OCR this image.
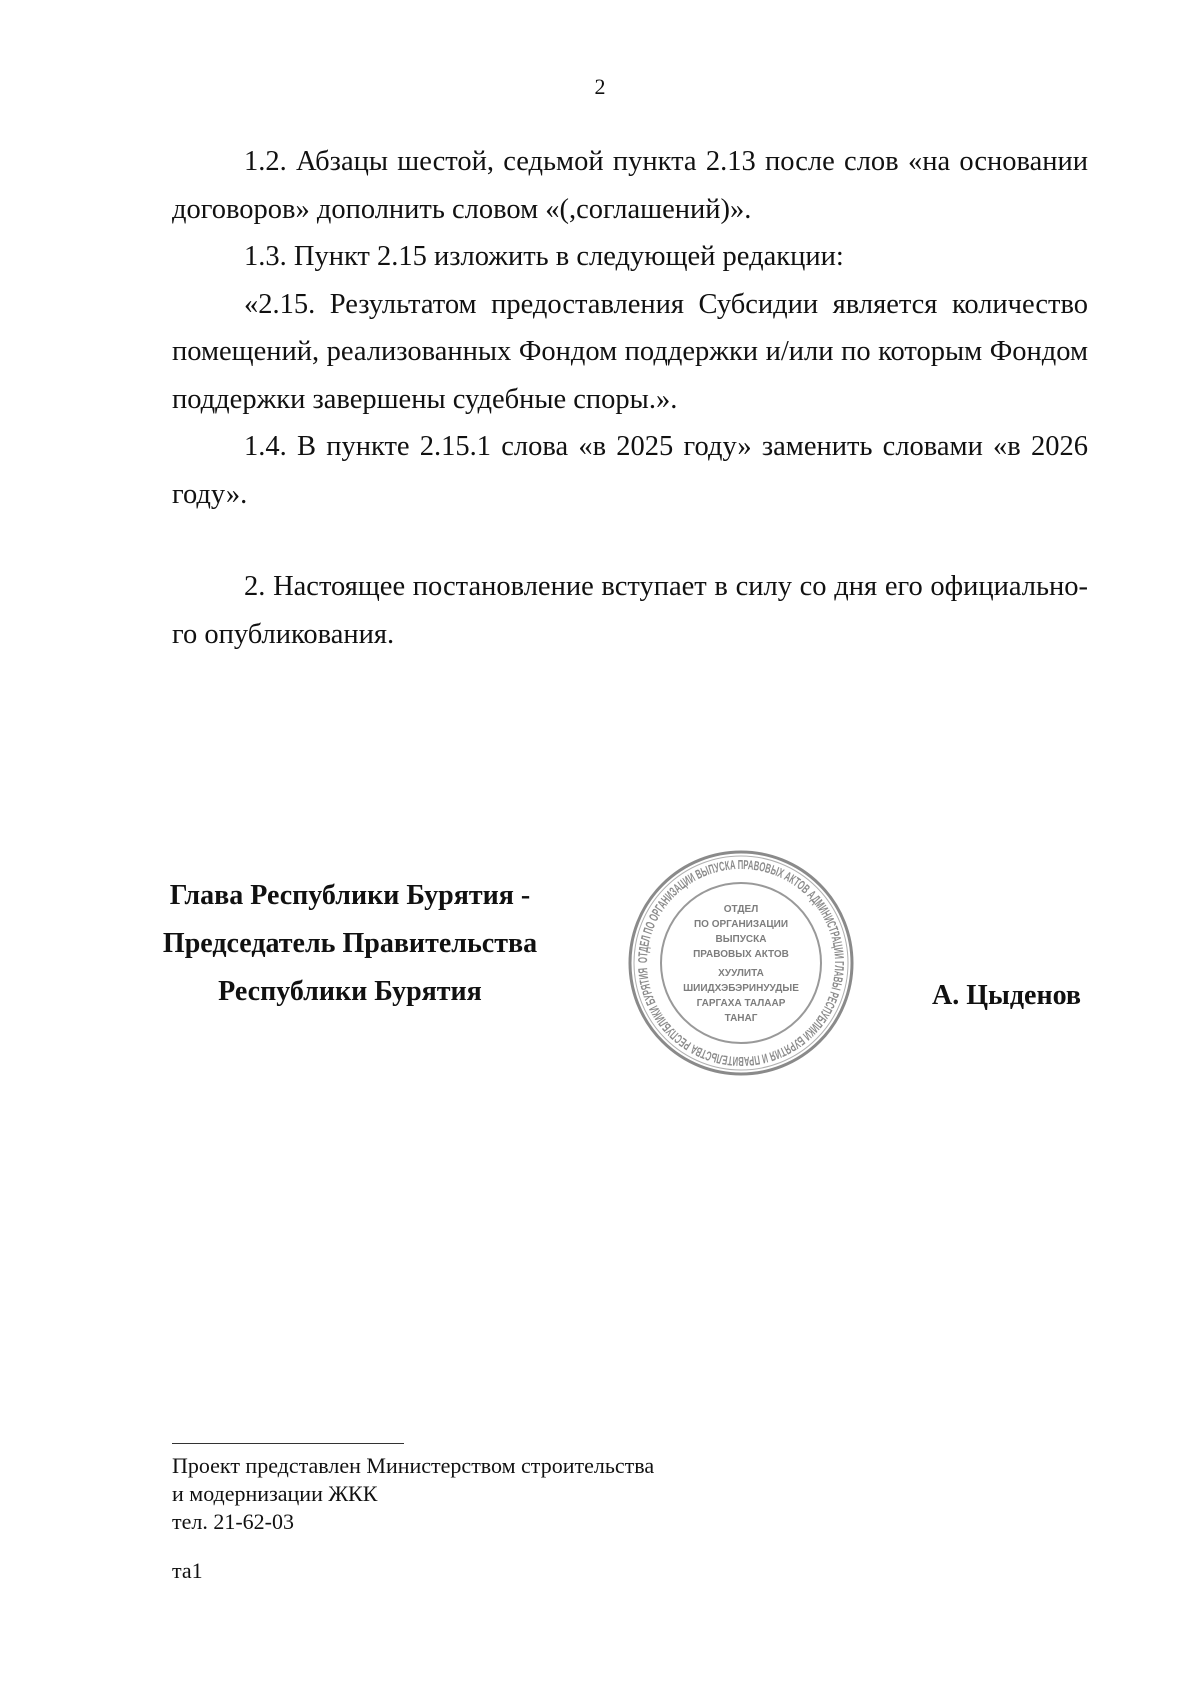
2

1.2. Абзацы шестой, седьмой пункта 2.13 после слов «на основании договоров» дополнить словом «(,соглашений)».

1.3. Пункт 2.15 изложить в следующей редакции:

«2.15. Результатом предоставления Субсидии является количество помещений, реализованных Фондом поддержки и/или по которым Фондом поддержки завершены судебные споры.».

1.4. В пункте 2.15.1 слова «в 2025 году» заменить словами «в 2026 году».

2. Настоящее постановление вступает в силу со дня его официально-го опубликования.

Глава Республики Бурятия -
Председатель Правительства
Республики Бурятия
ОТДЕЛ ПО ОРГАНИЗАЦИИ ВЫПУСКА ПРАВОВЫХ АКТОВ АДМИНИСТРАЦИИ ГЛАВЫ РЕСПУБЛИКИ БУРЯТИЯ И ПРАВИТЕЛЬСТВА РЕСПУБЛИКИ БУРЯТИЯ
ОТДЕЛ
ПО ОРГАНИЗАЦИИ
ВЫПУСКА
ПРАВОВЫХ АКТОВ
ХУУЛИТА
ШИИДХЭБЭРИНУУДЫЕ
ГАРГАХА ТАЛААР
ТАНАГ
А. Цыденов
Проект представлен Министерством строительства
и модернизации ЖКК
тел. 21-62-03
та1
